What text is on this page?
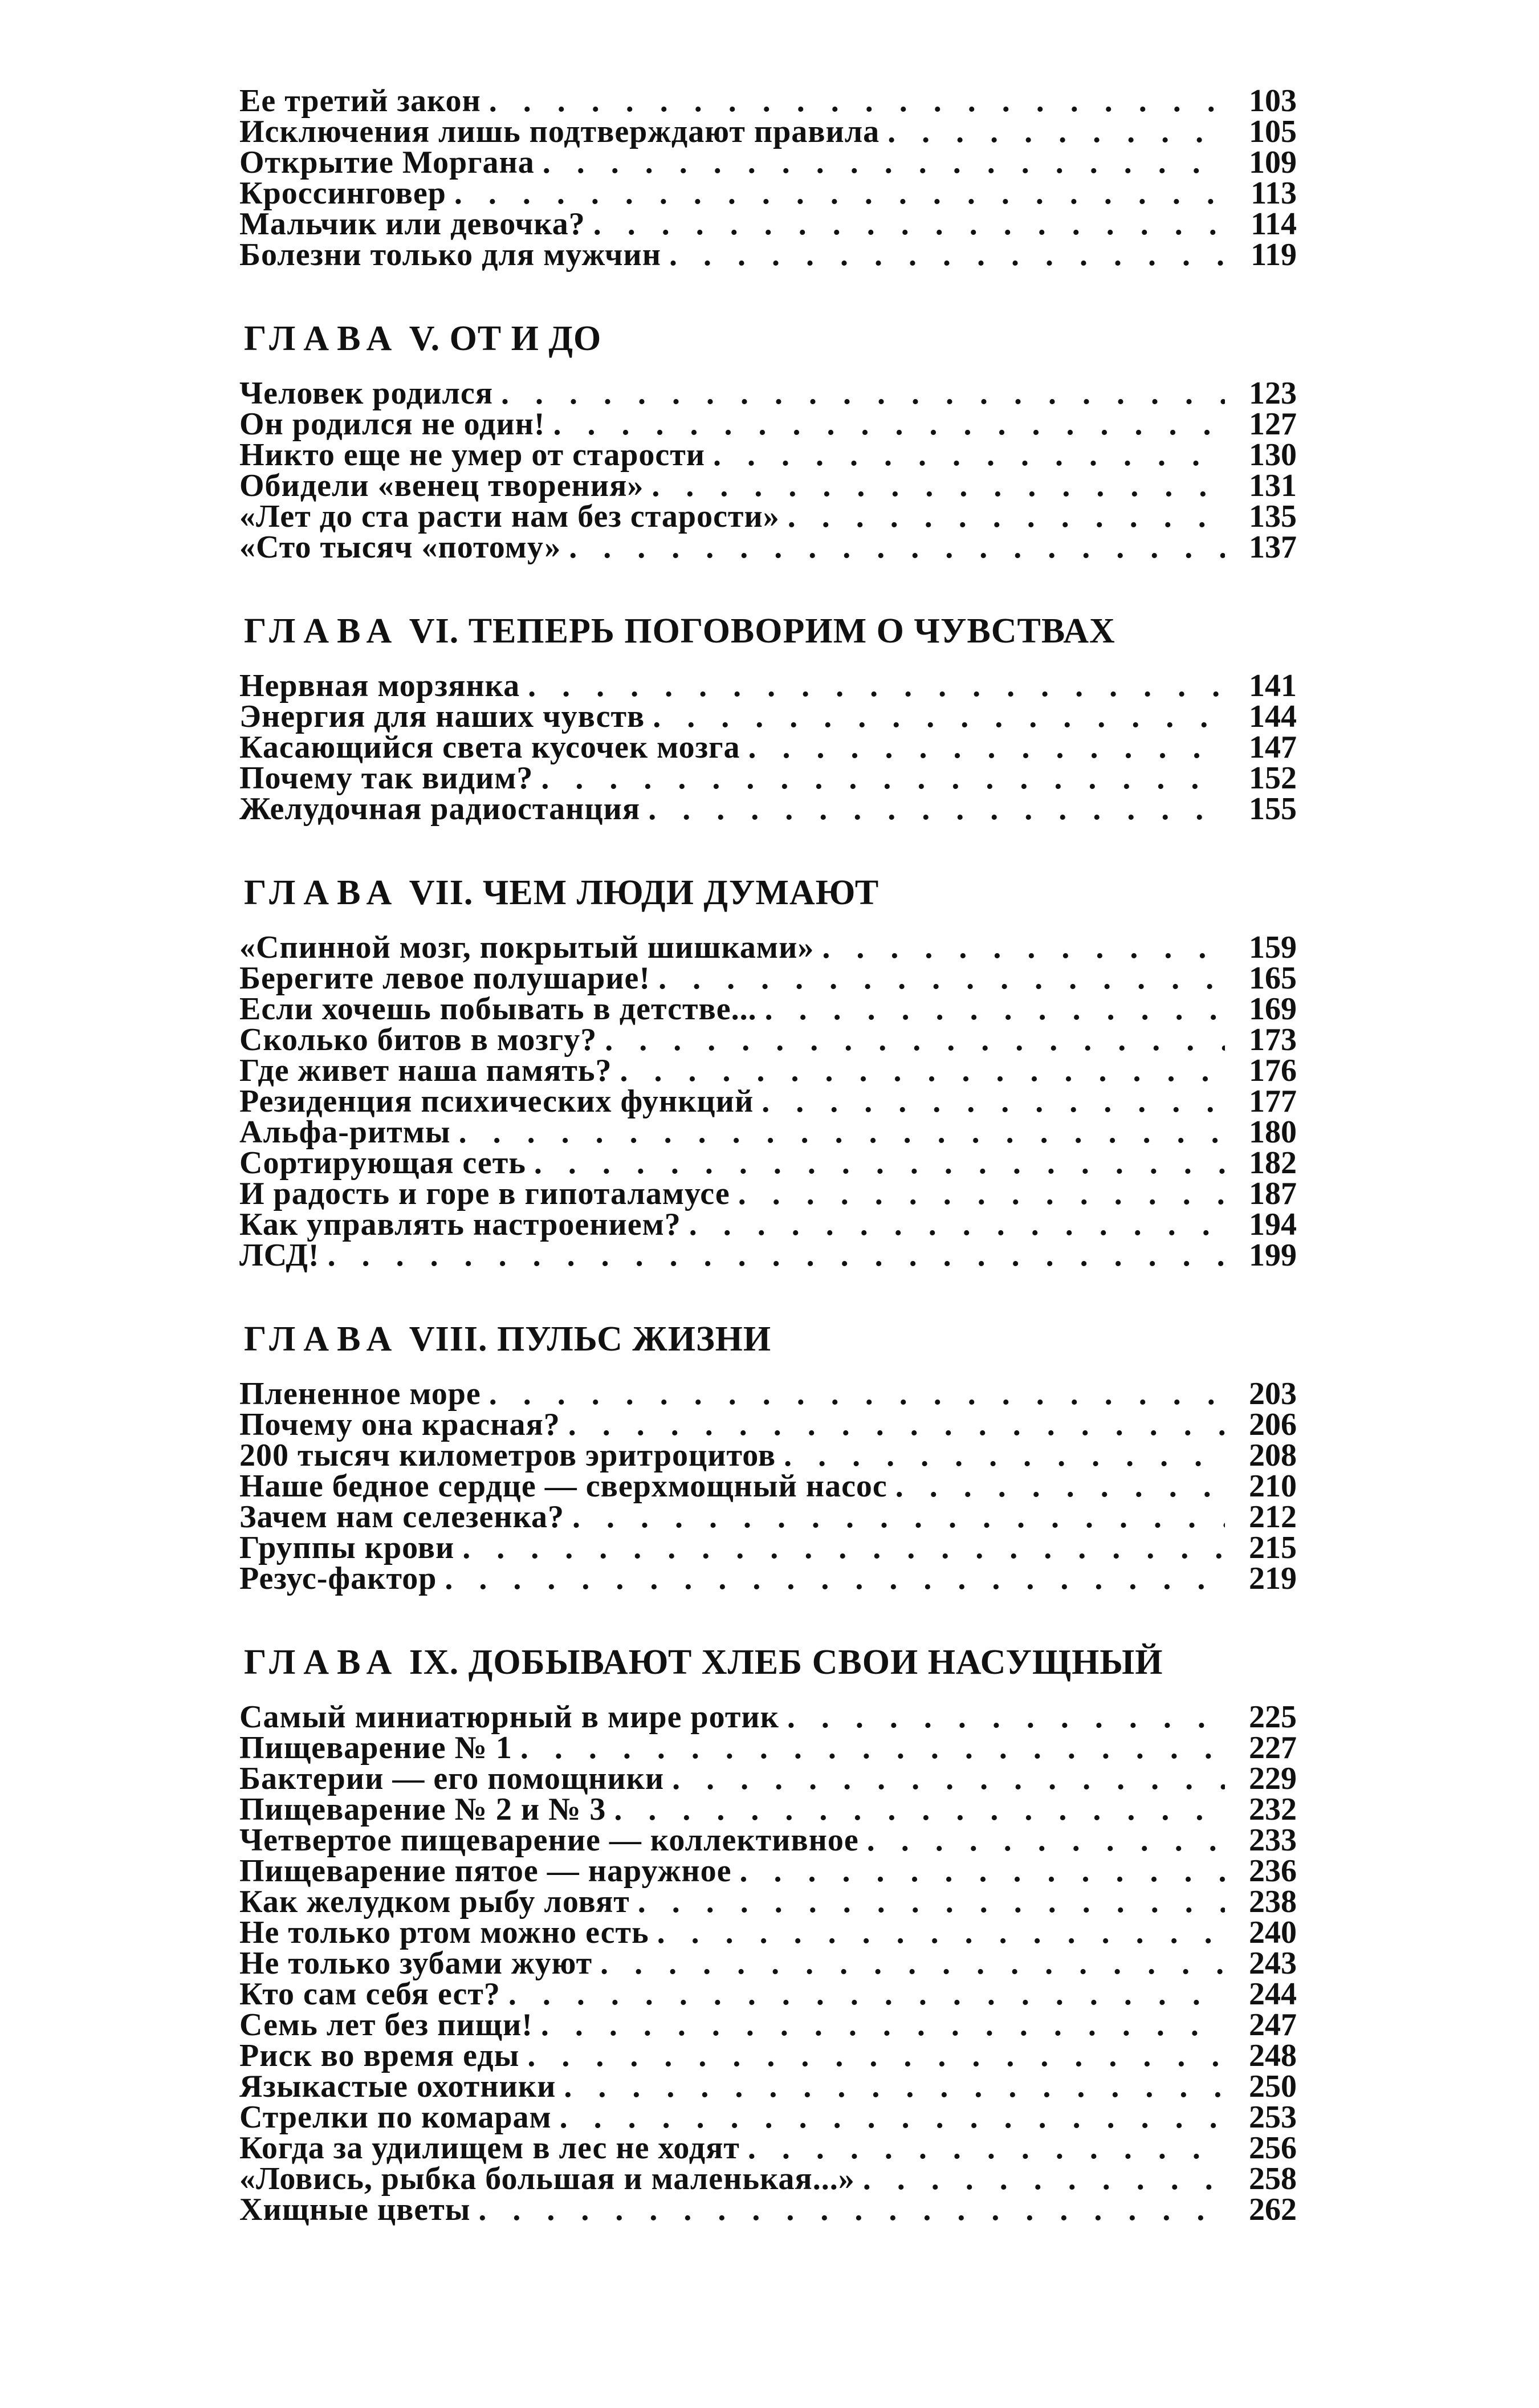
Ее третий закон . . .	103
Исключения лишь подтверждают правила . . .	105
Открытие Моргана . . .	109
Кроссинговер . . .	113
Мальчик или девочка? . . .	114
Болезни только для мужчин . . .	119
ГЛАВА V. ОТ И ДО
Человек родился . . .	123
Он родился не один! . . .	127
Никто еще не умер от старости . . .	130
Обидели «венец творения» . . .	131
«Лет до ста расти нам без старости» . . .	135
«Сто тысяч «потому» . . .	137
ГЛАВА VI. ТЕПЕРЬ ПОГОВОРИМ О ЧУВСТВАХ
Нервная морзянка . . .	141
Энергия для наших чувств . . .	144
Касающийся света кусочек мозга . . .	147
Почему так видим? . . .	152
Желудочная радиостанция . . .	155
ГЛАВА VII. ЧЕМ ЛЮДИ ДУМАЮТ
«Спинной мозг, покрытый шишками» . . .	159
Берегите левое полушарие! . . .	165
Если хочешь побывать в детстве... . . .	169
Сколько битов в мозгу? . . .	173
Где живет наша память? . . .	176
Резиденция психических функций . . .	177
Альфа-ритмы . . .	180
Сортирующая сеть . . .	182
И радость и горе в гипоталамусе . . .	187
Как управлять настроением? . . .	194
ЛСД! . . .	199
ГЛАВА VIII. ПУЛЬС ЖИЗНИ
Плененное море . . .	203
Почему она красная? . . .	206
200 тысяч километров эритроцитов . . .	208
Наше бедное сердце — сверхмощный насос . . .	210
Зачем нам селезенка? . . .	212
Группы крови . . .	215
Резус-фактор . . .	219
ГЛАВА IX. ДОБЫВАЮТ ХЛЕБ СВОИ НАСУЩНЫЙ
Самый миниатюрный в мире ротик . . .	225
Пищеварение № 1 . . .	227
Бактерии — его помощники . . .	229
Пищеварение № 2 и № 3 . . .	232
Четвертое пищеварение — коллективное . . .	233
Пищеварение пятое — наружное . . .	236
Как желудком рыбу ловят . . .	238
Не только ртом можно есть . . .	240
Не только зубами жуют . . .	243
Кто сам себя ест? . . .	244
Семь лет без пищи! . . .	247
Риск во время еды . . .	248
Языкастые охотники . . .	250
Стрелки по комарам . . .	253
Когда за удилищем в лес не ходят . . .	256
«Ловись, рыбка большая и маленькая...» . . .	258
Хищные цветы . . .	262
